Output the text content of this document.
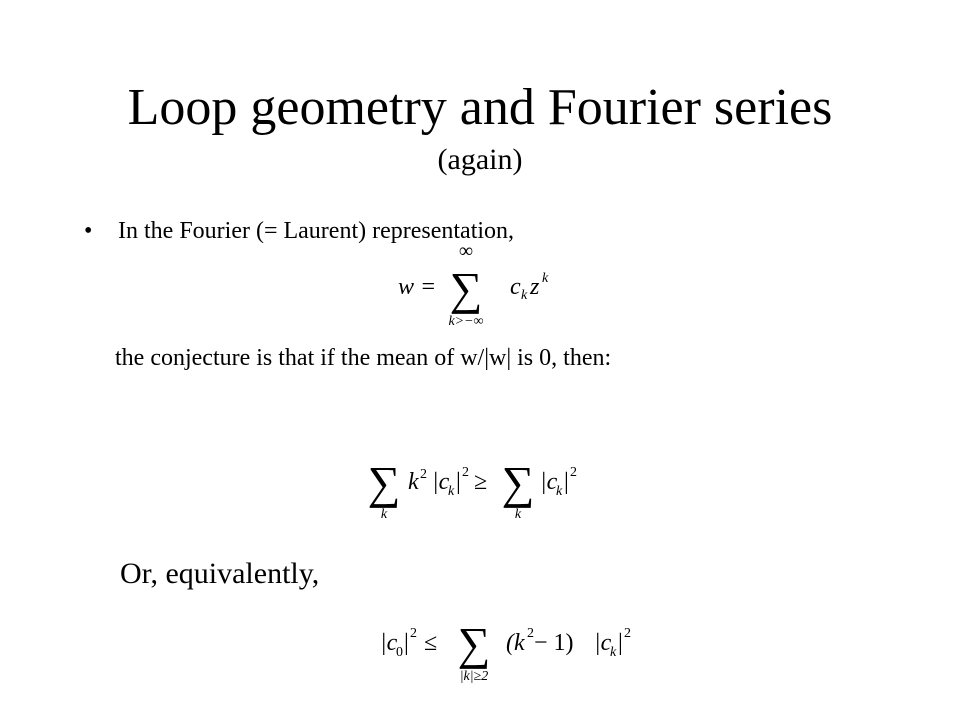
Loop geometry and Fourier series
(again)
• In the Fourier (= Laurent) representation,
w =
∞
∑
k>−∞
c k z k
the conjecture is that if the mean of w/|w| is 0, then:
∑
k
k 2 |c
k | 2 ≥ ∑
k
|c
k | 2
Or, equivalently,
|c
0 | 2 ≤ ∑
|k|≥2
(k 2 − 1) |c
k | 2
